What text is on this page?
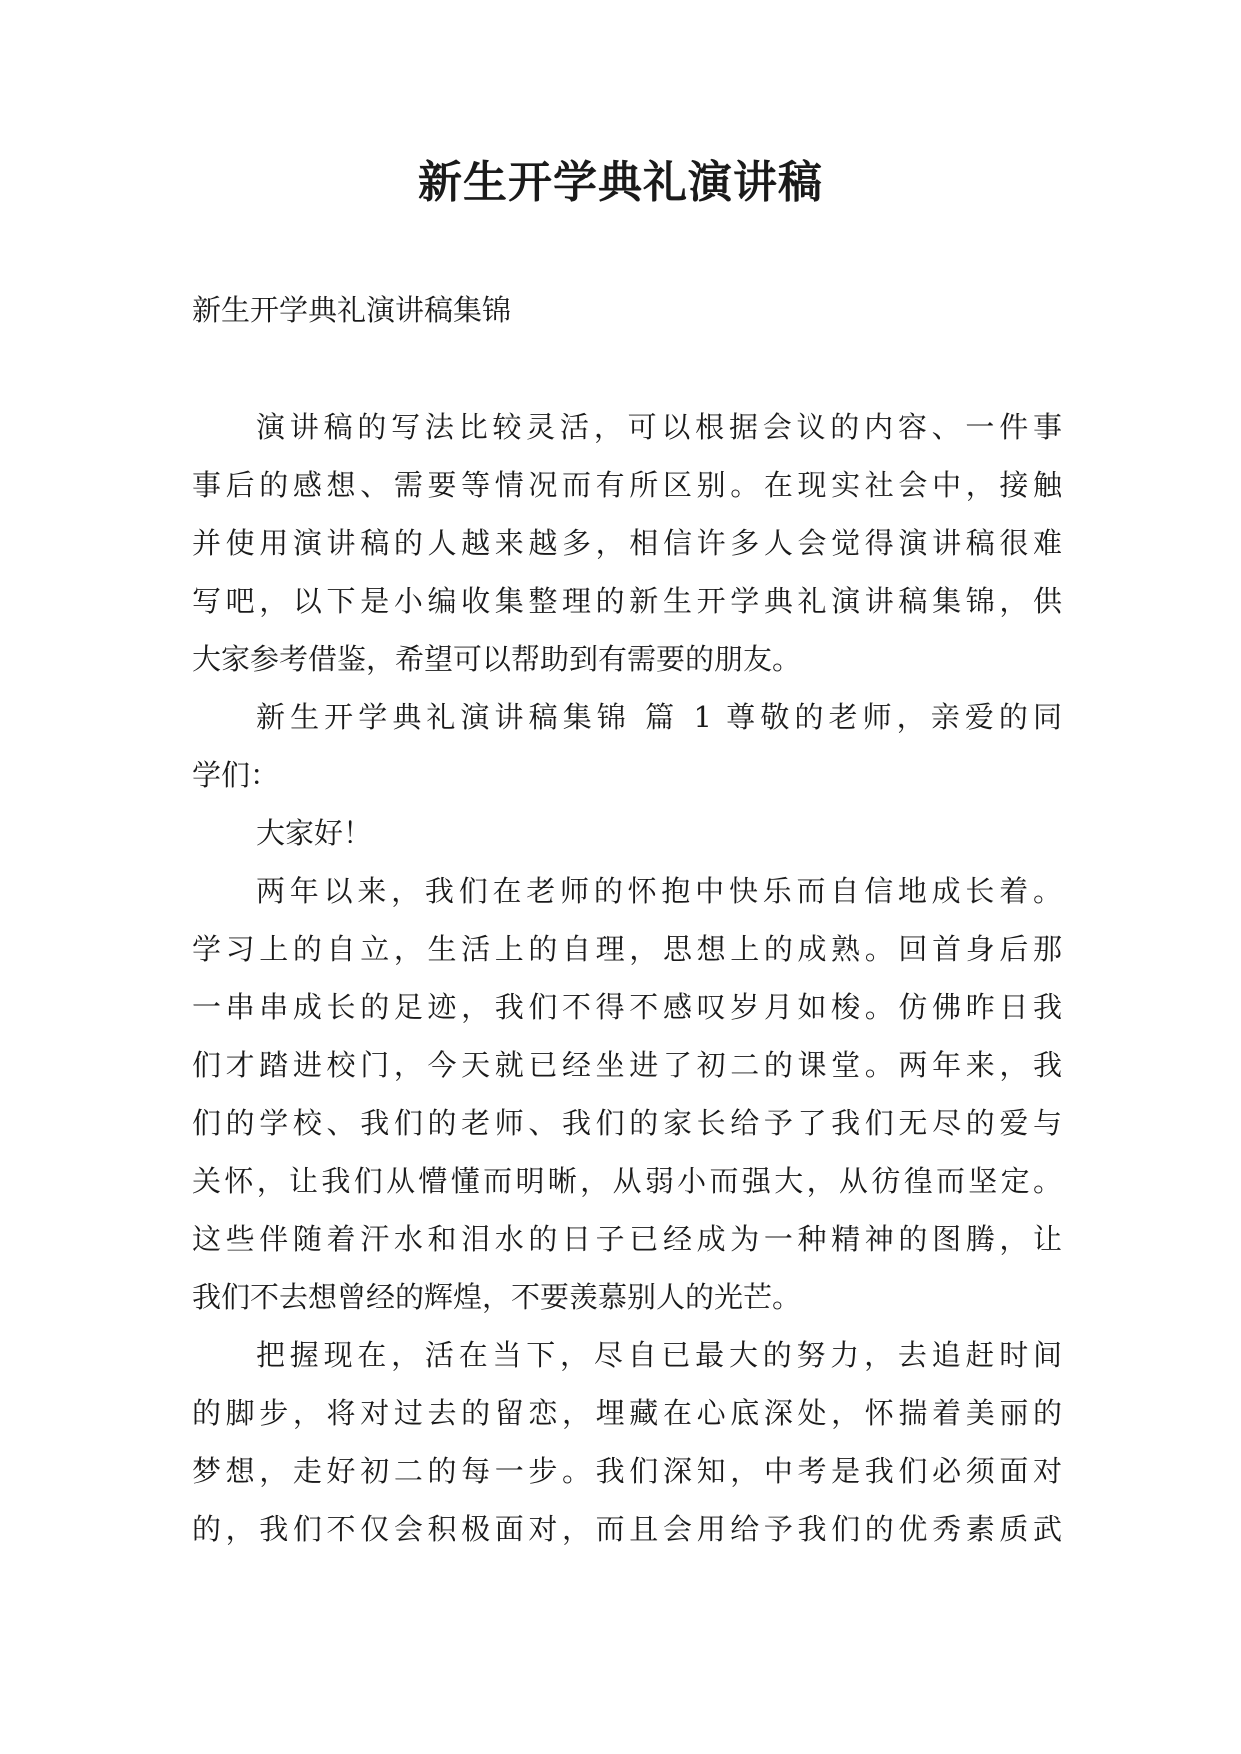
新生开学典礼演讲稿

新生开学典礼演讲稿集锦

演讲稿的写法比较灵活，可以根据会议的内容、一件事

事后的感想、需要等情况而有所区别。在现实社会中，接触

并使用演讲稿的人越来越多，相信许多人会觉得演讲稿很难

写吧，以下是小编收集整理的新生开学典礼演讲稿集锦，供

大家参考借鉴，希望可以帮助到有需要的朋友。

新生开学典礼演讲稿集锦 篇 1 尊敬的老师，亲爱的同

学们：

大家好！

两年以来，我们在老师的怀抱中快乐而自信地成长着。

学习上的自立，生活上的自理，思想上的成熟。回首身后那

一串串成长的足迹，我们不得不感叹岁月如梭。仿佛昨日我

们才踏进校门，今天就已经坐进了初二的课堂。两年来，我

们的学校、我们的老师、我们的家长给予了我们无尽的爱与

关怀，让我们从懵懂而明晰，从弱小而强大，从彷徨而坚定。

这些伴随着汗水和泪水的日子已经成为一种精神的图腾，让

我们不去想曾经的辉煌，不要羡慕别人的光芒。

把握现在，活在当下，尽自已最大的努力，去追赶时间

的脚步，将对过去的留恋，埋藏在心底深处，怀揣着美丽的

梦想，走好初二的每一步。我们深知，中考是我们必须面对

的，我们不仅会积极面对，而且会用给予我们的优秀素质武
